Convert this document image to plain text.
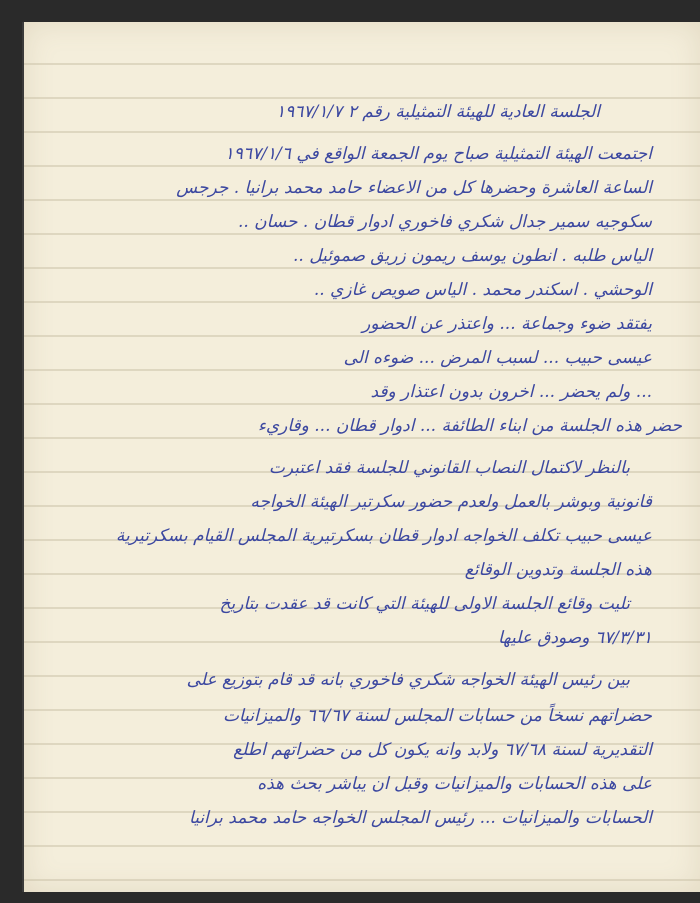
الجلسة العادية للهيئة التمثيلية رقم ٢ ١٩٦٧/١/٧
اجتمعت الهيئة التمثيلية صباح يوم الجمعة الواقع في ١٩٦٧/١/٦
الساعة العاشرة وحضرها كل من الاعضاء حامد محمد برانيا . جرجس
سكوجيه سمير جدال شكري فاخوري ادوار قطان . حسان ..
الياس طلبه . انطون يوسف ريمون زريق صموئيل ..
الوحشي . اسكندر محمد . الياس صويص غازي ..
يفتقد ضوء وجماعة ... واعتذر عن الحضور
عيسى حبيب ... لسبب المرض ... ضوءه الى
... ولم يحضر ... اخرون بدون اعتذار وقد
حضر هذه الجلسة من ابناء الطائفة ... ادوار قطان ... وقاريء
بالنظر لاكتمال النصاب القانوني للجلسة فقد اعتبرت
قانونية وبوشر بالعمل ولعدم حضور سكرتير الهيئة الخواجه
عيسى حبيب تكلف الخواجه ادوار قطان بسكرتيرية المجلس القيام بسكرتيرية
هذه الجلسة وتدوين الوقائع
تليت وقائع الجلسة الاولى للهيئة التي كانت قد عقدت بتاريخ
٦٧/٣/٣١ وصودق عليها
بين رئيس الهيئة الخواجه شكري فاخوري بانه قد قام بتوزيع على
حضراتهم نسخاً من حسابات المجلس لسنة ٦٦/٦٧ والميزانيات
التقديرية لسنة ٦٧/٦٨ ولابد وانه يكون كل من حضراتهم اطلع
على هذه الحسابات والميزانيات وقبل ان يباشر بحث هذه
الحسابات والميزانيات ... رئيس المجلس الخواجه حامد محمد برانيا
